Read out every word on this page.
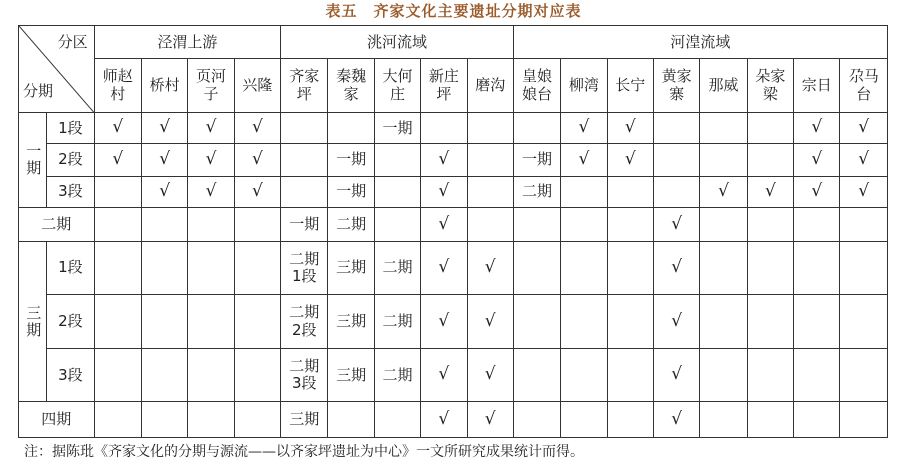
表五　齐家文化主要遗址分期对应表
分区
分期		泾渭上游				洮河流域					河湟流域							
		师赵村	桥村	页河子	兴隆	齐家坪	秦魏家	大何庄	新庄坪	磨沟	皇娘娘台	柳湾	长宁	黄家寨	那威	朵家梁	宗日	尕马台
一期	1段	√	√	√	√			一期				√	√				√	√
	2段	√	√	√	√		一期		√		一期	√	√				√	√
	3段		√	√	√		一期		√		二期				√	√	√	√
二期						一期	二期		√					√				
三期	1段					二期1段	三期	二期	√	√				√				
	2段					二期2段	三期	二期	√	√				√				
	3段					二期3段	三期	二期	√	√				√				
四期						三期			√	√				√				
注：据陈玭《齐家文化的分期与源流——以齐家坪遗址为中心》一文所研究成果统计而得。
